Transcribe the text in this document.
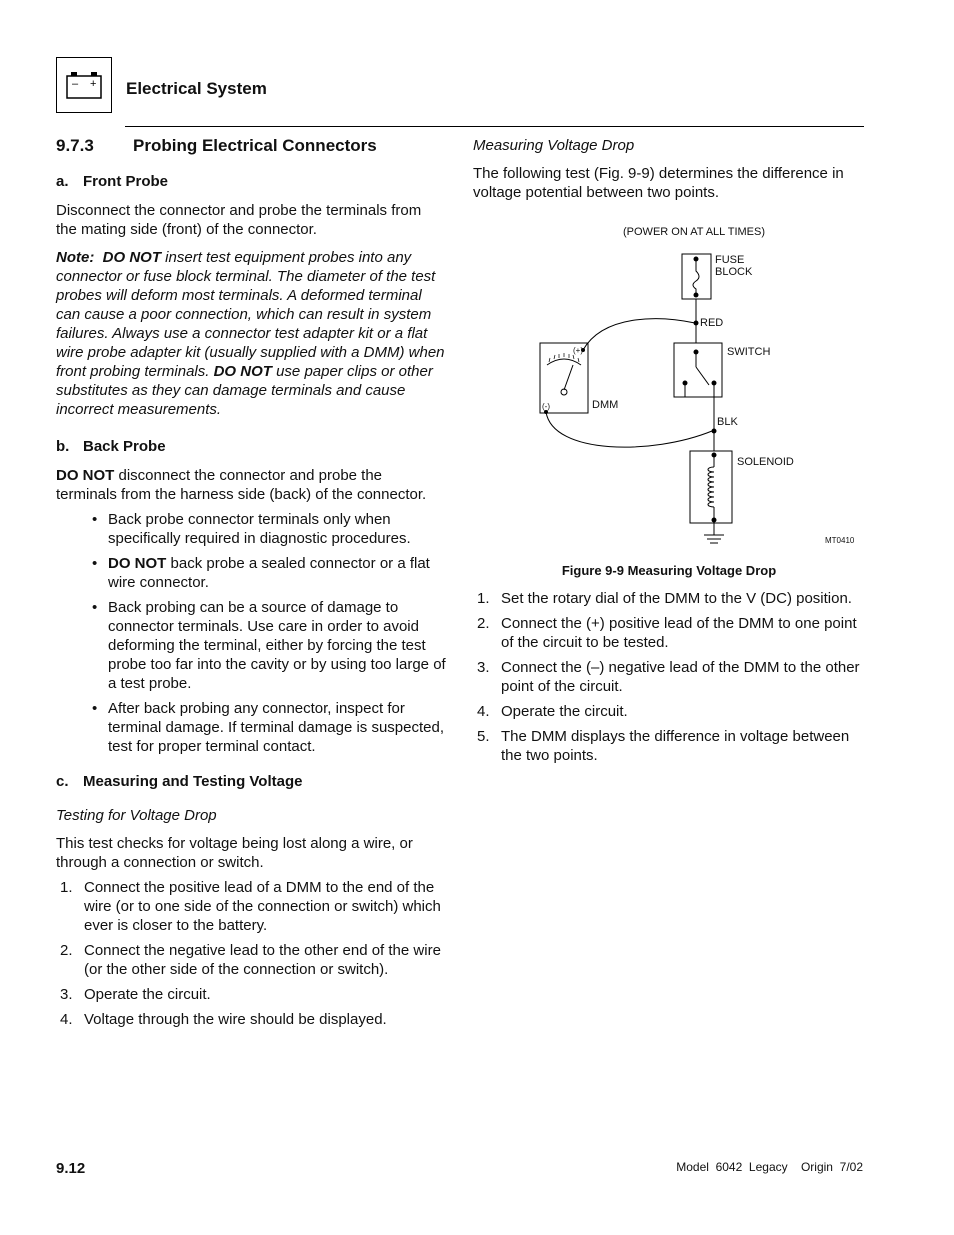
– + Electrical System
9.7.3 Probing Electrical Connectors
a. Front Probe

Disconnect the connector and probe the terminals from the mating side (front) of the connector.

Note: DO NOT insert test equipment probes into any connector or fuse block terminal. The diameter of the test probes will deform most terminals. A deformed terminal can cause a poor connection, which can result in system failures. Always use a connector test adapter kit or a flat wire probe adapter kit (usually supplied with a DMM) when front probing terminals. DO NOT use paper clips or other substitutes as they can damage terminals and cause incorrect measurements.

b. Back Probe

DO NOT disconnect the connector and probe the terminals from the harness side (back) of the connector.

• Back probe connector terminals only when specifically required in diagnostic procedures.
• DO NOT back probe a sealed connector or a flat wire connector.
• Back probing can be a source of damage to connector terminals. Use care in order to avoid deforming the terminal, either by forcing the test probe too far into the cavity or by using too large of a test probe.
• After back probing any connector, inspect for terminal damage. If terminal damage is suspected, test for proper terminal contact.
c. Measuring and Testing Voltage

Testing for Voltage Drop

This test checks for voltage being lost along a wire, or through a connection or switch.

1. Connect the positive lead of a DMM to the end of the wire (or to one side of the connection or switch) which ever is closer to the battery.
2. Connect the negative lead to the other end of the wire (or the other side of the connection or switch).
3. Operate the circuit.
4. Voltage through the wire should be displayed.

Measuring Voltage Drop

The following test (Fig. 9-9) determines the difference in voltage potential between two points.

(POWER ON AT ALL TIMES)
FUSE
BLOCK
RED
SWITCH
DMM
BLK
SOLENOID
(+)
(-)
MT0410
Figure 9-9 Measuring Voltage Drop
1. Set the rotary dial of the DMM to the V (DC) position.
2. Connect the (+) positive lead of the DMM to one point of the circuit to be tested.
3. Connect the (–) negative lead of the DMM to the other point of the circuit.
4. Operate the circuit.
5. The DMM displays the difference in voltage between the two points.
9.12	Model  6042  Legacy    Origin  7/02
